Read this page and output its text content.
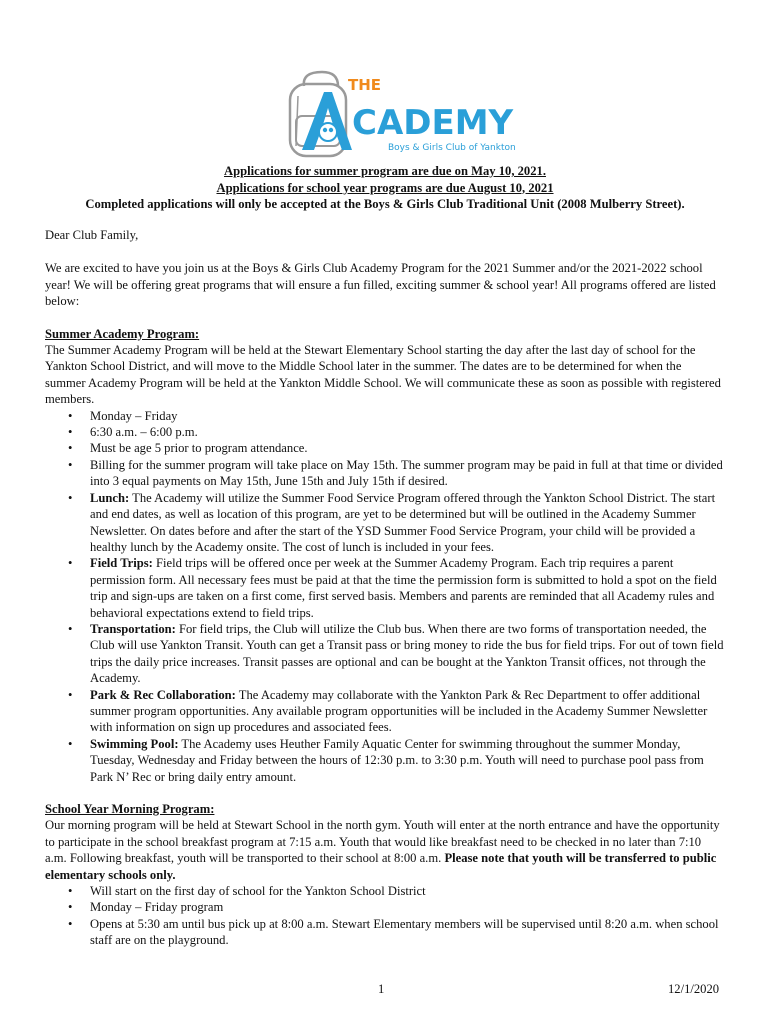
THE
CADEMY
Boys & Girls Club of Yankton
Applications for summer program are due on May 10, 2021.
Applications for school year programs are due August 10, 2021
Completed applications will only be accepted at the Boys & Girls Club Traditional Unit (2008 Mulberry Street).

Dear Club Family,

We are excited to have you join us at the Boys & Girls Club Academy Program for the 2021 Summer and/or the 2021-2022 school year! We will be offering great programs that will ensure a fun filled, exciting summer & school year! All programs offered are listed below:

Summer Academy Program:

The Summer Academy Program will be held at the Stewart Elementary School starting the day after the last day of school for the Yankton School District, and will move to the Middle School later in the summer. The dates are to be determined for when the summer Academy Program will be held at the Yankton Middle School. We will communicate these as soon as possible with registered members.

• Monday – Friday
• 6:30 a.m. – 6:00 p.m.
• Must be age 5 prior to program attendance.
• Billing for the summer program will take place on May 15th. The summer program may be paid in full at that time or divided into 3 equal payments on May 15th, June 15th and July 15th if desired.
• Lunch: The Academy will utilize the Summer Food Service Program offered through the Yankton School District. The start and end dates, as well as location of this program, are yet to be determined but will be outlined in the Academy Summer Newsletter. On dates before and after the start of the YSD Summer Food Service Program, your child will be provided a healthy lunch by the Academy onsite. The cost of lunch is included in your fees.
• Field Trips: Field trips will be offered once per week at the Summer Academy Program. Each trip requires a parent permission form. All necessary fees must be paid at that the time the permission form is submitted to hold a spot on the field trip and sign-ups are taken on a first come, first served basis. Members and parents are reminded that all Academy rules and behavioral expectations extend to field trips.
• Transportation: For field trips, the Club will utilize the Club bus. When there are two forms of transportation needed, the Club will use Yankton Transit. Youth can get a Transit pass or bring money to ride the bus for field trips. For out of town field trips the daily price increases. Transit passes are optional and can be bought at the Yankton Transit offices, not through the Academy.
• Park & Rec Collaboration: The Academy may collaborate with the Yankton Park & Rec Department to offer additional summer program opportunities. Any available program opportunities will be included in the Academy Summer Newsletter with information on sign up procedures and associated fees.
• Swimming Pool: The Academy uses Heuther Family Aquatic Center for swimming throughout the summer Monday, Tuesday, Wednesday and Friday between the hours of 12:30 p.m. to 3:30 p.m. Youth will need to purchase pool pass from Park N’ Rec or bring daily entry amount.

School Year Morning Program:

Our morning program will be held at Stewart School in the north gym. Youth will enter at the north entrance and have the opportunity to participate in the school breakfast program at 7:15 a.m. Youth that would like breakfast need to be checked in no later than 7:10 a.m. Following breakfast, youth will be transported to their school at 8:00 a.m. Please note that youth will be transferred to public elementary schools only.

• Will start on the first day of school for the Yankton School District
• Monday – Friday program
• Opens at 5:30 am until bus pick up at 8:00 a.m. Stewart Elementary members will be supervised until 8:20 a.m. when school staff are on the playground.
1	12/1/2020
